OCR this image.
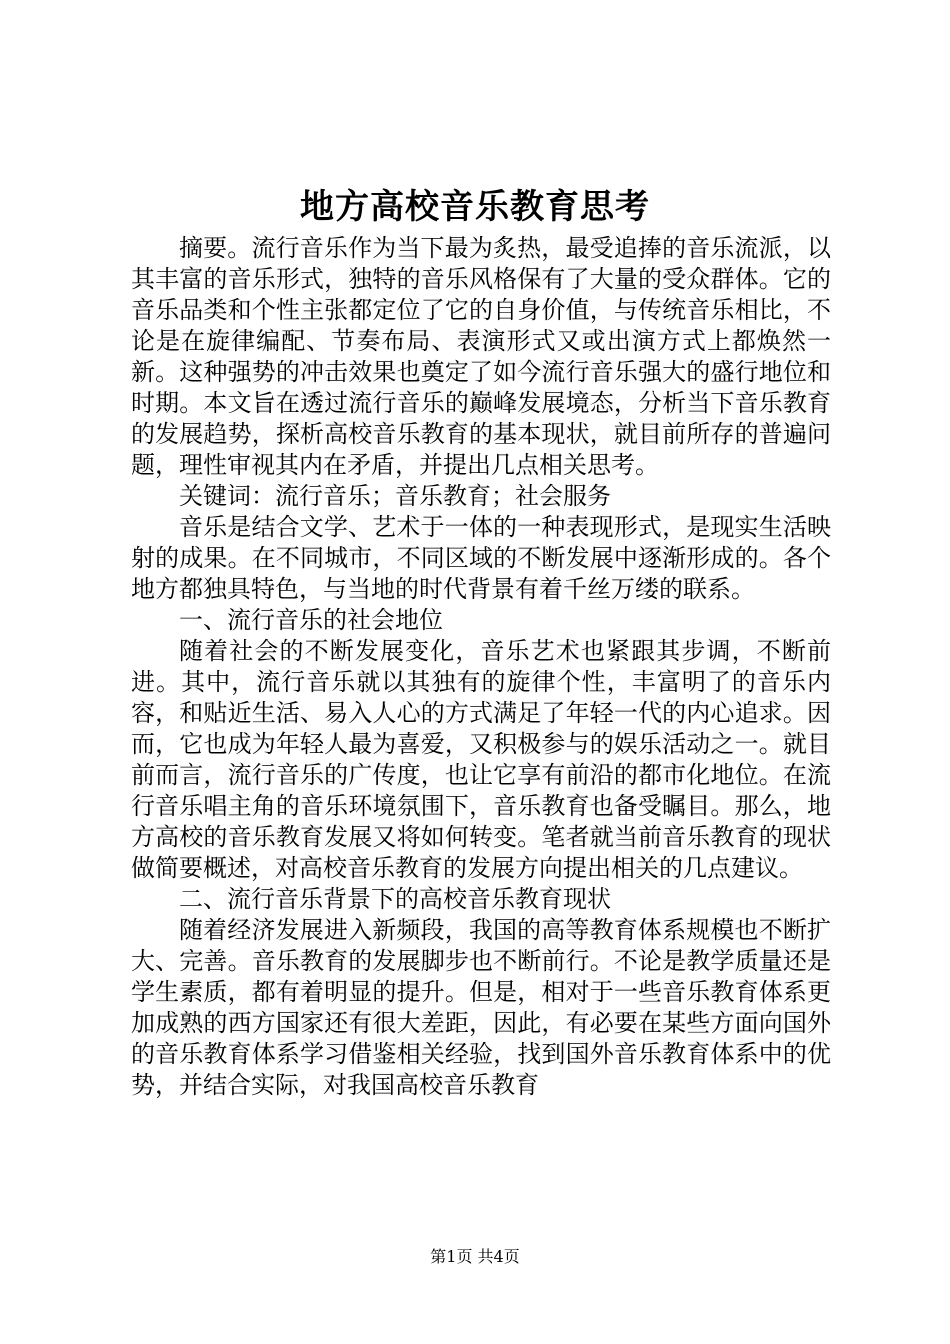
地方高校音乐教育思考

摘要。流行音乐作为当下最为炙热，最受追捧的音乐流派，以其丰富的音乐形式，独特的音乐风格保有了大量的受众群体。它的音乐品类和个性主张都定位了它的自身价值，与传统音乐相比，不论是在旋律编配、节奏布局、表演形式又或出演方式上都焕然一新。这种强势的冲击效果也奠定了如今流行音乐强大的盛行地位和时期。本文旨在透过流行音乐的巅峰发展境态，分析当下音乐教育的发展趋势，探析高校音乐教育的基本现状，就目前所存的普遍问题，理性审视其内在矛盾，并提出几点相关思考。

关键词：流行音乐；音乐教育；社会服务

音乐是结合文学、艺术于一体的一种表现形式，是现实生活映射的成果。在不同城市，不同区域的不断发展中逐渐形成的。各个地方都独具特色，与当地的时代背景有着千丝万缕的联系。

一、流行音乐的社会地位

随着社会的不断发展变化，音乐艺术也紧跟其步调，不断前进。其中，流行音乐就以其独有的旋律个性，丰富明了的音乐内容，和贴近生活、易入人心的方式满足了年轻一代的内心追求。因而，它也成为年轻人最为喜爱，又积极参与的娱乐活动之一。就目前而言，流行音乐的广传度，也让它享有前沿的都市化地位。在流行音乐唱主角的音乐环境氛围下，音乐教育也备受瞩目。那么，地方高校的音乐教育发展又将如何转变。笔者就当前音乐教育的现状做简要概述，对高校音乐教育的发展方向提出相关的几点建议。

二、流行音乐背景下的高校音乐教育现状

随着经济发展进入新频段，我国的高等教育体系规模也不断扩大、完善。音乐教育的发展脚步也不断前行。不论是教学质量还是学生素质，都有着明显的提升。但是，相对于一些音乐教育体系更加成熟的西方国家还有很大差距，因此，有必要在某些方面向国外的音乐教育体系学习借鉴相关经验，找到国外音乐教育体系中的优势，并结合实际，对我国高校音乐教育

第1页 共4页
